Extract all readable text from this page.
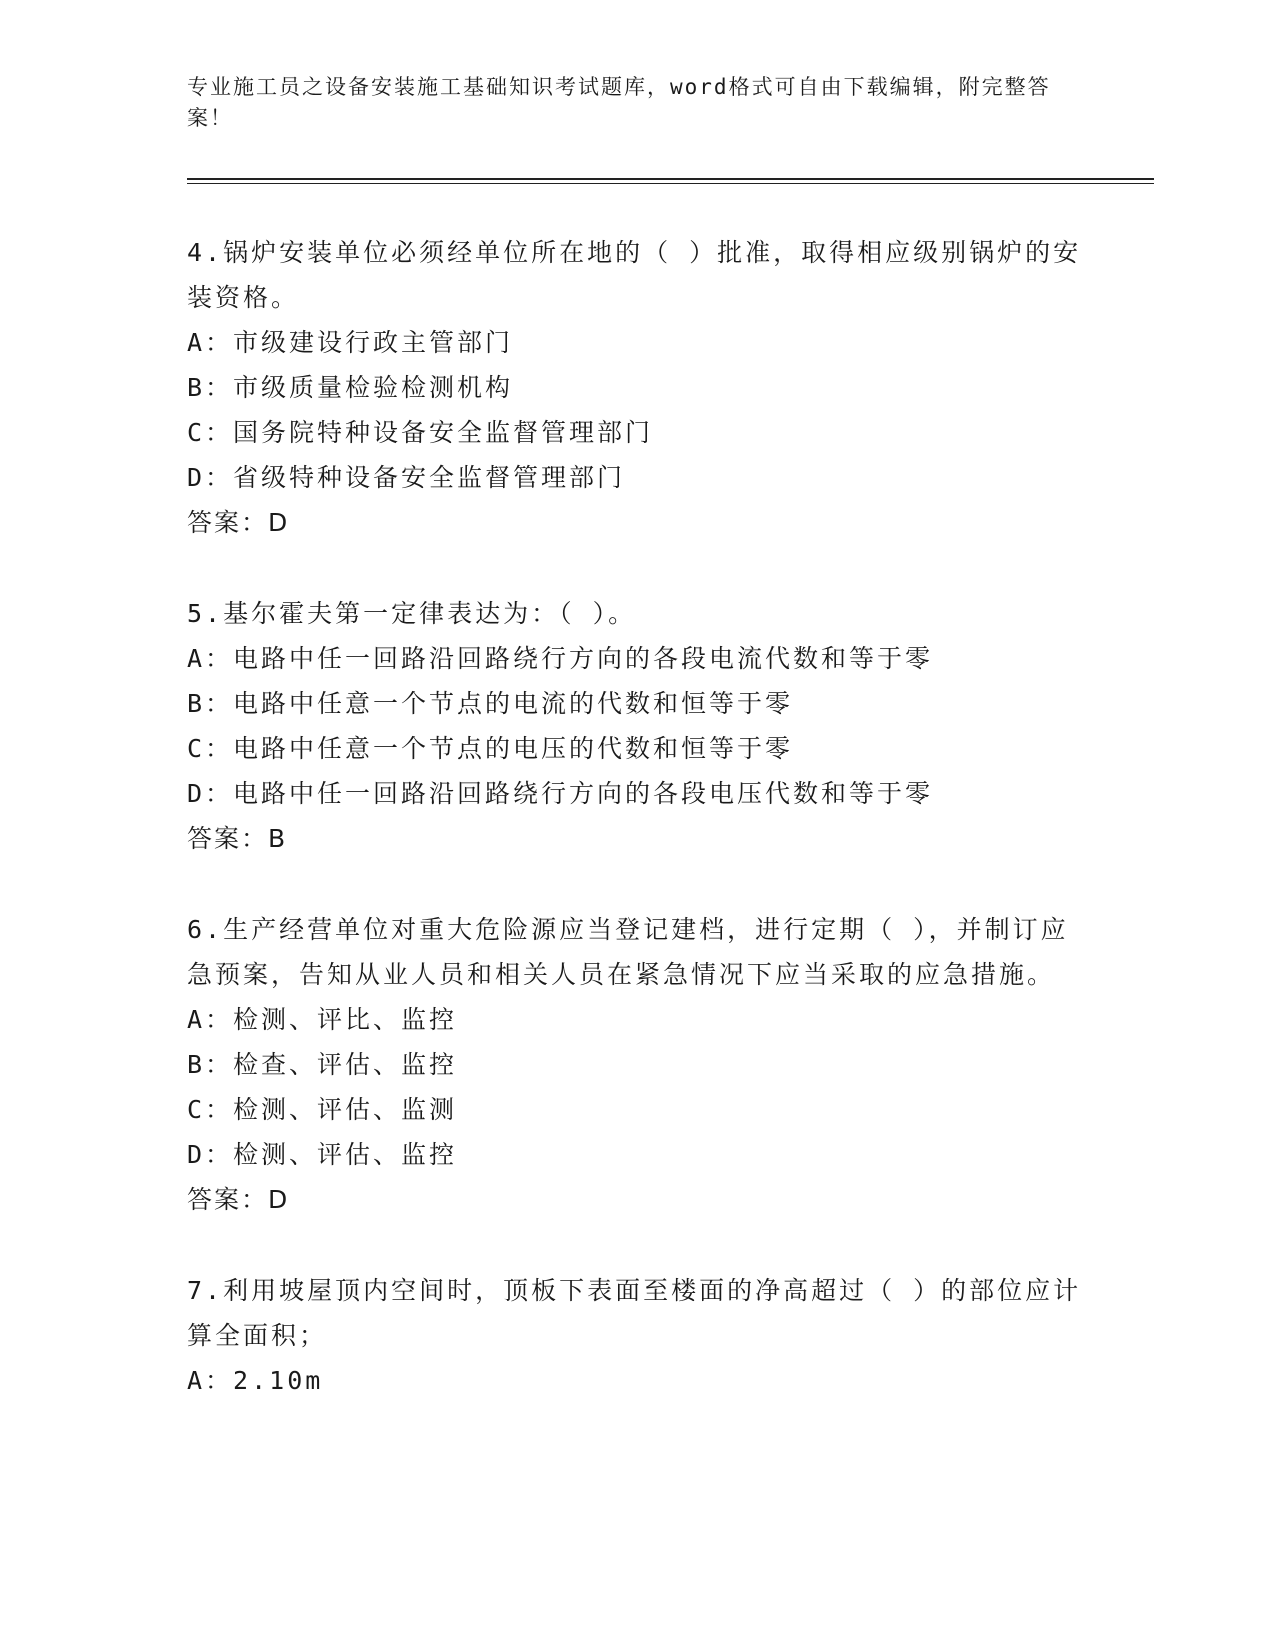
专业施工员之设备安装施工基础知识考试题库，word格式可自由下载编辑，附完整答案！

4.锅炉安装单位必须经单位所在地的（ ）批准，取得相应级别锅炉的安装资格。

A：市级建设行政主管部门

B：市级质量检验检测机构

C：国务院特种设备安全监督管理部门

D：省级特种设备安全监督管理部门

答案：D

5.基尔霍夫第一定律表达为：（ ）。

A：电路中任一回路沿回路绕行方向的各段电流代数和等于零

B：电路中任意一个节点的电流的代数和恒等于零

C：电路中任意一个节点的电压的代数和恒等于零

D：电路中任一回路沿回路绕行方向的各段电压代数和等于零

答案：B

6.生产经营单位对重大危险源应当登记建档，进行定期（ ），并制订应急预案，告知从业人员和相关人员在紧急情况下应当采取的应急措施。

A：检测、评比、监控

B：检查、评估、监控

C：检测、评估、监测

D：检测、评估、监控

答案：D

7.利用坡屋顶内空间时，顶板下表面至楼面的净高超过（ ）的部位应计算全面积；

A：2.10m
